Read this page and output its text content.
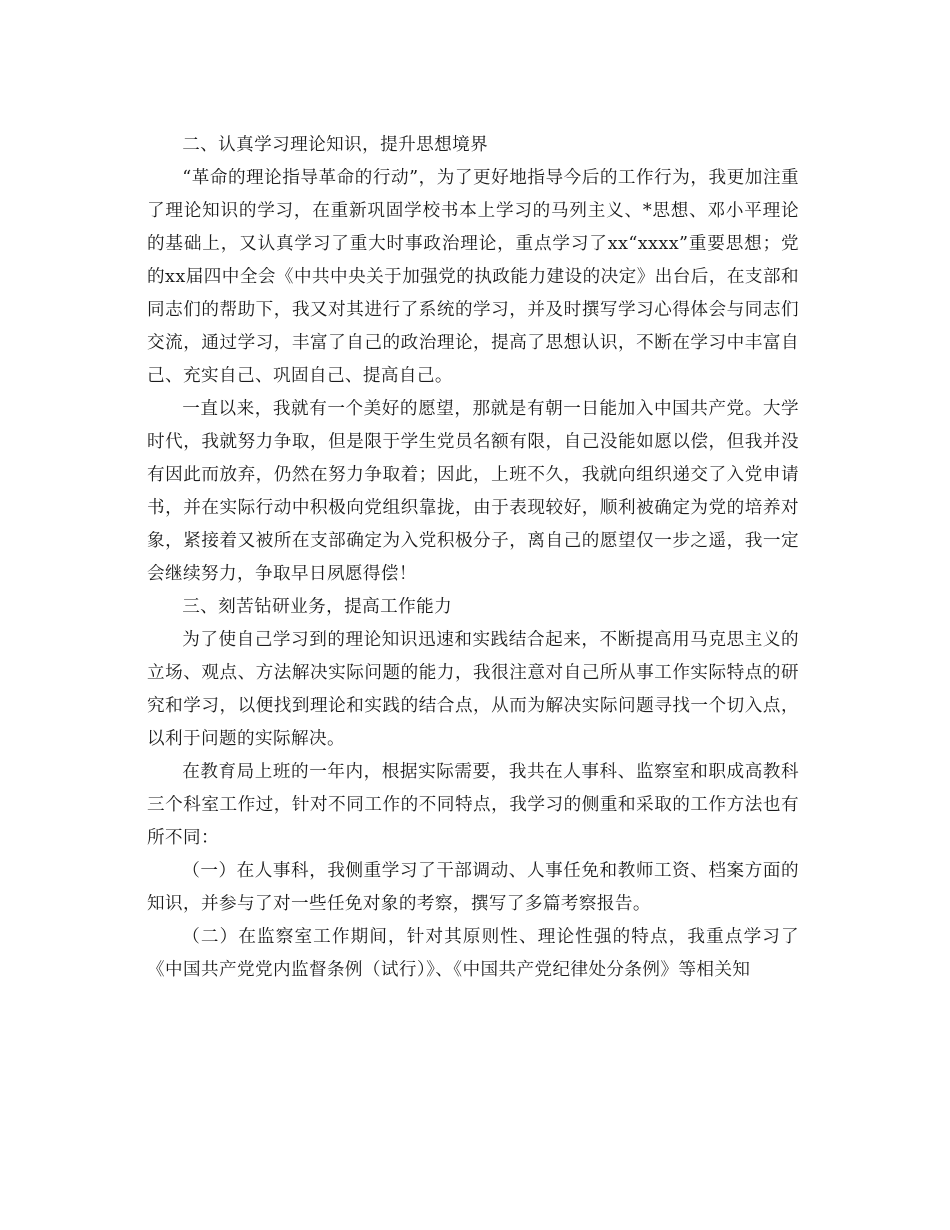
二、认真学习理论知识，提升思想境界

“革命的理论指导革命的行动”，为了更好地指导今后的工作行为，我更加注重了理论知识的学习，在重新巩固学校书本上学习的马列主义、*思想、邓小平理论的基础上，又认真学习了重大时事政治理论，重点学习了xx“xxxx”重要思想；党的xx届四中全会《中共中央关于加强党的执政能力建设的决定》出台后，在支部和同志们的帮助下，我又对其进行了系统的学习，并及时撰写学习心得体会与同志们交流，通过学习，丰富了自己的政治理论，提高了思想认识，不断在学习中丰富自己、充实自己、巩固自己、提高自己。

一直以来，我就有一个美好的愿望，那就是有朝一日能加入中国共产党。大学时代，我就努力争取，但是限于学生党员名额有限，自己没能如愿以偿，但我并没有因此而放弃，仍然在努力争取着；因此，上班不久，我就向组织递交了入党申请书，并在实际行动中积极向党组织靠拢，由于表现较好，顺利被确定为党的培养对象，紧接着又被所在支部确定为入党积极分子，离自己的愿望仅一步之遥，我一定会继续努力，争取早日夙愿得偿！

三、刻苦钻研业务，提高工作能力

为了使自己学习到的理论知识迅速和实践结合起来，不断提高用马克思主义的立场、观点、方法解决实际问题的能力，我很注意对自己所从事工作实际特点的研究和学习，以便找到理论和实践的结合点，从而为解决实际问题寻找一个切入点，以利于问题的实际解决。

在教育局上班的一年内，根据实际需要，我共在人事科、监察室和职成高教科三个科室工作过，针对不同工作的不同特点，我学习的侧重和采取的工作方法也有所不同：

（一）在人事科，我侧重学习了干部调动、人事任免和教师工资、档案方面的知识，并参与了对一些任免对象的考察，撰写了多篇考察报告。

（二）在监察室工作期间，针对其原则性、理论性强的特点，我重点学习了《中国共产党党内监督条例（试行）》、《中国共产党纪律处分条例》等相关知
